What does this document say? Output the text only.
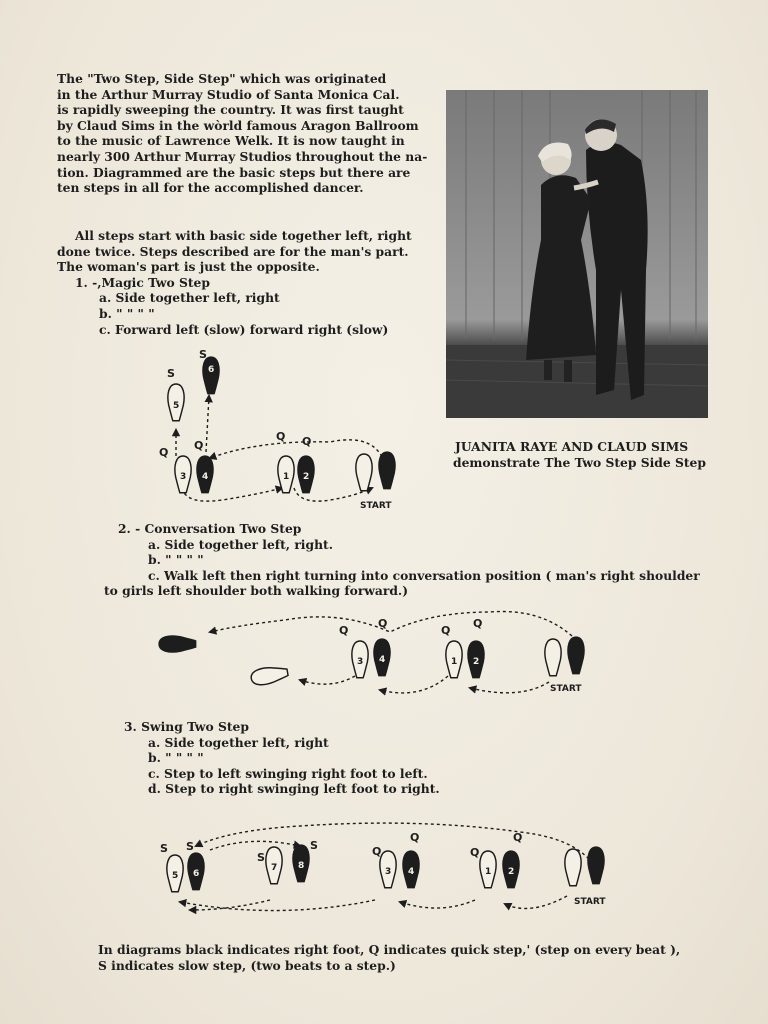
The "Two Step, Side Step" which was originated
in the Arthur Murray Studio of Santa Monica Cal.
is rapidly sweeping the country. It was first taught
by Claud Sims in the wòrld famous Aragon Ballroom
to the music of Lawrence Welk. It is now taught in
nearly 300 Arthur Murray Studios throughout the na-
tion. Diagrammed are the basic steps but there are
ten steps in all for the accomplished dancer.
All steps start with basic side together left, right
done twice. Steps described are for the man's part.
The woman's part is just the opposite.
1. -,Magic Two Step
a. Side together left, right
b. " " " "
c. Forward left (slow) forward right (slow)
JUANITA RAYE AND CLAUD SIMS
demonstrate The Two Step Side Step
2. - Conversation Two Step
a. Side together left, right.
b. " " " "
c. Walk left then right turning into conversation position ( man's right shoulder
to girls left shoulder both walking forward.)
3. Swing Two Step
a. Side together left, right
b. " " " "
c. Step to left swinging right foot to left.
d. Step to right swinging left foot to right.
6
5
3 4	1 2
S
S
Q
Q
Q Q
START
3 4	1 2
Q
Q
Q
Q
START
5 6
7 8
3 4	1 2
S S
S
S	Q
Q
Q
Q
START
In diagrams black indicates right foot, Q indicates quick step,' (step on every beat ),
S indicates slow step, (two beats to a step.)
